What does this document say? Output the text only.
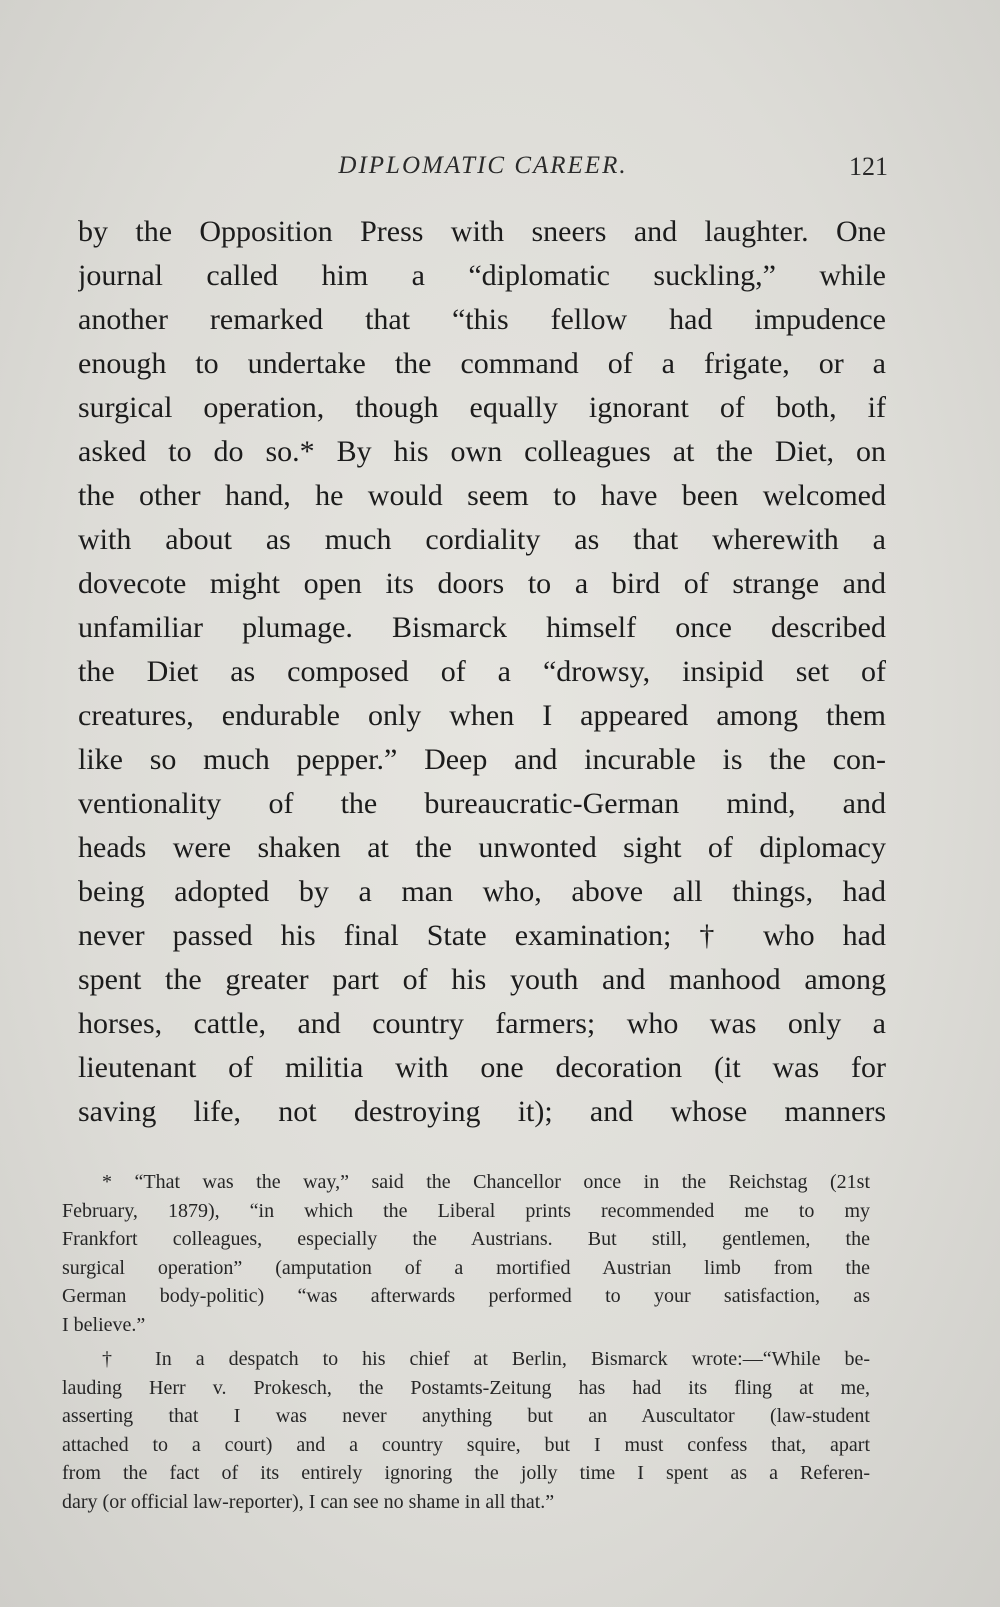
DIPLOMATIC CAREER.	121
by the Opposition Press with sneers and laughter. One
journal called him a “diplomatic suckling,” while
another remarked that “this fellow had impudence
enough to undertake the command of a frigate, or a
surgical operation, though equally ignorant of both, if
asked to do so.* By his own colleagues at the Diet, on
the other hand, he would seem to have been welcomed
with about as much cordiality as that wherewith a
dovecote might open its doors to a bird of strange and
unfamiliar plumage. Bismarck himself once described
the Diet as composed of a “drowsy, insipid set of
creatures, endurable only when I appeared among them
like so much pepper.” Deep and incurable is the con-
ventionality of the bureaucratic-German mind, and
heads were shaken at the unwonted sight of diplomacy
being adopted by a man who, above all things, had
never passed his final State examination; † who had
spent the greater part of his youth and manhood among
horses, cattle, and country farmers; who was only a
lieutenant of militia with one decoration (it was for
saving life, not destroying it); and whose manners
* “That was the way,” said the Chancellor once in the Reichstag (21st
February, 1879), “in which the Liberal prints recommended me to my
Frankfort colleagues, especially the Austrians. But still, gentlemen, the
surgical operation” (amputation of a mortified Austrian limb from the
German body-politic) “was afterwards performed to your satisfaction, as
I believe.”
† In a despatch to his chief at Berlin, Bismarck wrote:—“While be-
lauding Herr v. Prokesch, the Postamts-Zeitung has had its fling at me,
asserting that I was never anything but an Auscultator (law-student
attached to a court) and a country squire, but I must confess that, apart
from the fact of its entirely ignoring the jolly time I spent as a Referen-
dary (or official law-reporter), I can see no shame in all that.”
